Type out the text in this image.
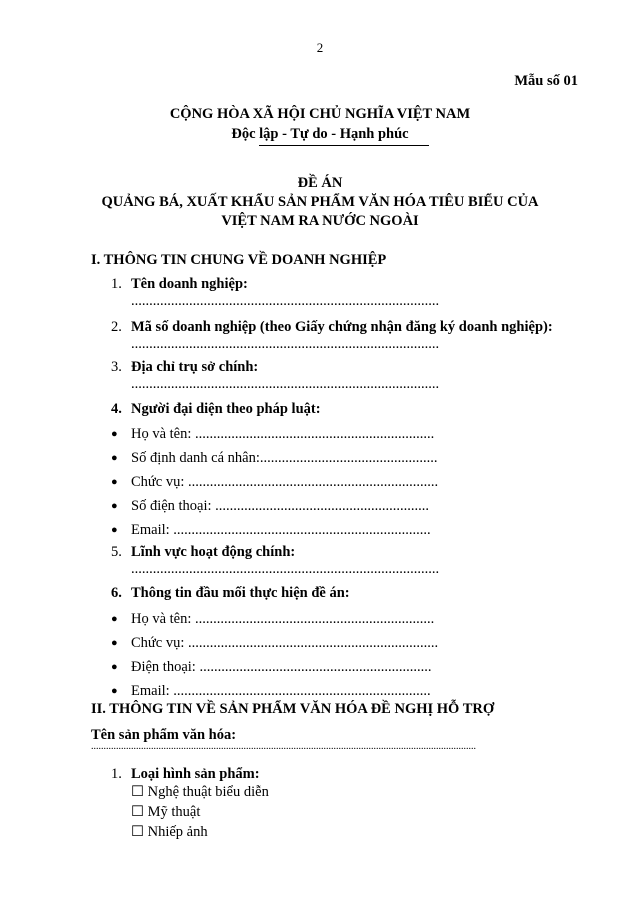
2
Mẫu số 01
CỘNG HÒA XÃ HỘI CHỦ NGHĨA VIỆT NAM
Độc lập - Tự do - Hạnh phúc
ĐỀ ÁN
QUẢNG BÁ, XUẤT KHẨU SẢN PHẨM VĂN HÓA TIÊU BIỂU CỦA
VIỆT NAM RA NƯỚC NGOÀI
I. THÔNG TIN CHUNG VỀ DOANH NGHIỆP
1. Tên doanh nghiệp:
.....................................................................................
2. Mã số doanh nghiệp (theo Giấy chứng nhận đăng ký doanh nghiệp):
.....................................................................................
3. Địa chỉ trụ sở chính:
.....................................................................................
4. Người đại diện theo pháp luật:
● Họ và tên: ..................................................................
● Số định danh cá nhân:.................................................
● Chức vụ: .....................................................................
● Số điện thoại: ...........................................................
● Email: .......................................................................
5. Lĩnh vực hoạt động chính:
.....................................................................................
6. Thông tin đầu mối thực hiện đề án:
● Họ và tên: ..................................................................
● Chức vụ: .....................................................................
● Điện thoại: ................................................................
● Email: .......................................................................
II. THÔNG TIN VỀ SẢN PHẨM VĂN HÓA ĐỀ NGHỊ HỖ TRỢ
Tên sản phẩm văn hóa:
..........................................................................................................................................................
1. Loại hình sản phẩm:
☐ Nghệ thuật biểu diễn
☐ Mỹ thuật
☐ Nhiếp ảnh
